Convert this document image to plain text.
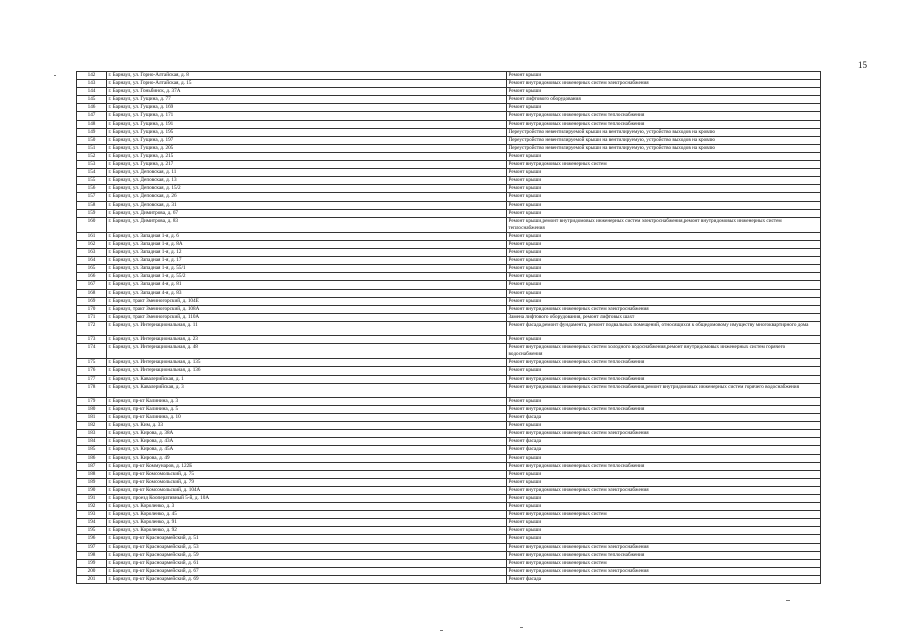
15
142	г. Барнаул, ул. Горно-Алтайская, д. 8	Ремонт крыши
143	г. Барнаул, ул. Горно-Алтайская, д. 15	Ремонт внутридомовых инженерных систем электроснабжения
144	г. Барнаул, ул. Гоньбинск, д. 37А	Ремонт крыши
145	г. Барнаул, ул. Гущина, д. 77	Ремонт лифтового оборудования
146	г. Барнаул, ул. Гущина, д. 169	Ремонт крыши
147	г. Барнаул, ул. Гущина, д. 171	Ремонт внутридомовых инженерных систем теплоснабжения
148	г. Барнаул, ул. Гущина, д. 191	Ремонт внутридомовых инженерных систем теплоснабжения
149	г. Барнаул, ул. Гущина, д. 195	Переустройство невентилируемой крыши на вентилируемую, устройство выходов на кровлю
150	г. Барнаул, ул. Гущина, д. 197	Переустройство невентилируемой крыши на вентилируемую, устройство выходов на кровлю
151	г. Барнаул, ул. Гущина, д. 205	Переустройство невентилируемой крыши на вентилируемую, устройство выходов на кровлю
152	г. Барнаул, ул. Гущина, д. 215	Ремонт крыши
153	г. Барнаул, ул. Гущина, д. 217	Ремонт внутридомовых инженерных систем
154	г. Барнаул, ул. Деповская, д. 11	Ремонт крыши
155	г. Барнаул, ул. Деповская, д. 13	Ремонт крыши
156	г. Барнаул, ул. Деповская, д. 15/2	Ремонт крыши
157	г. Барнаул, ул. Деповская, д. 26	Ремонт крыши
158	г. Барнаул, ул. Деповская, д. 31	Ремонт крыши
159	г. Барнаул, ул. Димитрова, д. 67	Ремонт крыши
160	г. Барнаул, ул. Димитрова, д. 83	Ремонт крыши,ремонт внутридомовых инженерных систем электроснабжения,ремонт внутридомовых инженерных систем теплоснабжения
161	г. Барнаул, ул. Западная 1-я, д. 6	Ремонт крыши
162	г. Барнаул, ул. Западная 1-я, д. 8А	Ремонт крыши
163	г. Барнаул, ул. Западная 1-я, д. 12	Ремонт крыши
164	г. Барнаул, ул. Западная 1-я, д. 17	Ремонт крыши
165	г. Барнаул, ул. Западная 1-я, д. 55/1	Ремонт крыши
166	г. Барнаул, ул. Западная 1-я, д. 55/2	Ремонт крыши
167	г. Барнаул, ул. Западная 4-я, д. 81	Ремонт крыши
168	г. Барнаул, ул. Западная 4-я, д. 83	Ремонт крыши
169	г. Барнаул, тракт Змеиногорский, д. 104Е	Ремонт крыши
170	г. Барнаул, тракт Змеиногорский, д. 108А	Ремонт внутридомовых инженерных систем электроснабжения
171	г. Барнаул, тракт Змеиногорский, д. 110А	Замена лифтового оборудования, ремонт лифтовых шахт
172	г. Барнаул, ул. Интернациональная, д. 11	Ремонт фасада,ремонт фундамента, ремонт подвальных помещений, относящихся к общедомовому имуществу многоквартирного дома
173	г. Барнаул, ул. Интернациональная, д. 23	Ремонт крыши
174	г. Барнаул, ул. Интернациональная, д. 48	Ремонт внутридомовых инженерных систем холодного водоснабжения,ремонт внутридомовых инженерных систем горячего водоснабжения
175	г. Барнаул, ул. Интернациональная, д. 135	Ремонт внутридомовых инженерных систем теплоснабжения
176	г. Барнаул, ул. Интернациональная, д. 136	Ремонт крыши
177	г. Барнаул, ул. Кавалерийская, д. 1	Ремонт внутридомовых инженерных систем теплоснабжения
178	г. Барнаул, ул. Кавалерийская, д. 3	Ремонт внутридомовых инженерных систем теплоснабжения,ремонт внутридомовых инженерных систем горячего водоснабжения
179	г. Барнаул, пр-кт Калинина, д. 3	Ремонт крыши
180	г. Барнаул, пр-кт Калинина, д. 5	Ремонт внутридомовых инженерных систем теплоснабжения
181	г. Барнаул, пр-кт Калинина, д. 10	Ремонт фасада
182	г. Барнаул, ул. Ким, д. 33	Ремонт крыши
183	г. Барнаул, ул. Кирова, д. 38А	Ремонт внутридомовых инженерных систем электроснабжения
184	г. Барнаул, ул. Кирова, д. 43А	Ремонт фасада
185	г. Барнаул, ул. Кирова, д. 45А	Ремонт фасада
186	г. Барнаул, ул. Кирова, д. 49	Ремонт крыши
187	г. Барнаул, пр-кт Коммунаров, д. 122Б	Ремонт внутридомовых инженерных систем теплоснабжения
188	г. Барнаул, пр-кт Комсомольский, д. 75	Ремонт крыши
189	г. Барнаул, пр-кт Комсомольский, д. 79	Ремонт крыши
190	г. Барнаул, пр-кт Комсомольский, д. 104А	Ремонт внутридомовых инженерных систем электроснабжения
191	г. Барнаул, проезд Кооперативный 5-й, д. 10А	Ремонт крыши
192	г. Барнаул, ул. Короленко, д. 3	Ремонт крыши
193	г. Барнаул, ул. Короленко, д. 45	Ремонт внутридомовых инженерных систем
194	г. Барнаул, ул. Короленко, д. 91	Ремонт крыши
195	г. Барнаул, ул. Короленко, д. 92	Ремонт крыши
196	г. Барнаул, пр-кт Красноармейский, д. 51	Ремонт крыши
197	г. Барнаул, пр-кт Красноармейский, д. 53	Ремонт внутридомовых инженерных систем электроснабжения
198	г. Барнаул, пр-кт Красноармейский, д. 59	Ремонт внутридомовых инженерных систем теплоснабжения
199	г. Барнаул, пр-кт Красноармейский, д. 61	Ремонт внутридомовых инженерных систем
200	г. Барнаул, пр-кт Красноармейский, д. 67	Ремонт внутридомовых инженерных систем электроснабжения
201	г. Барнаул, пр-кт Красноармейский, д. 69	Ремонт фасада
